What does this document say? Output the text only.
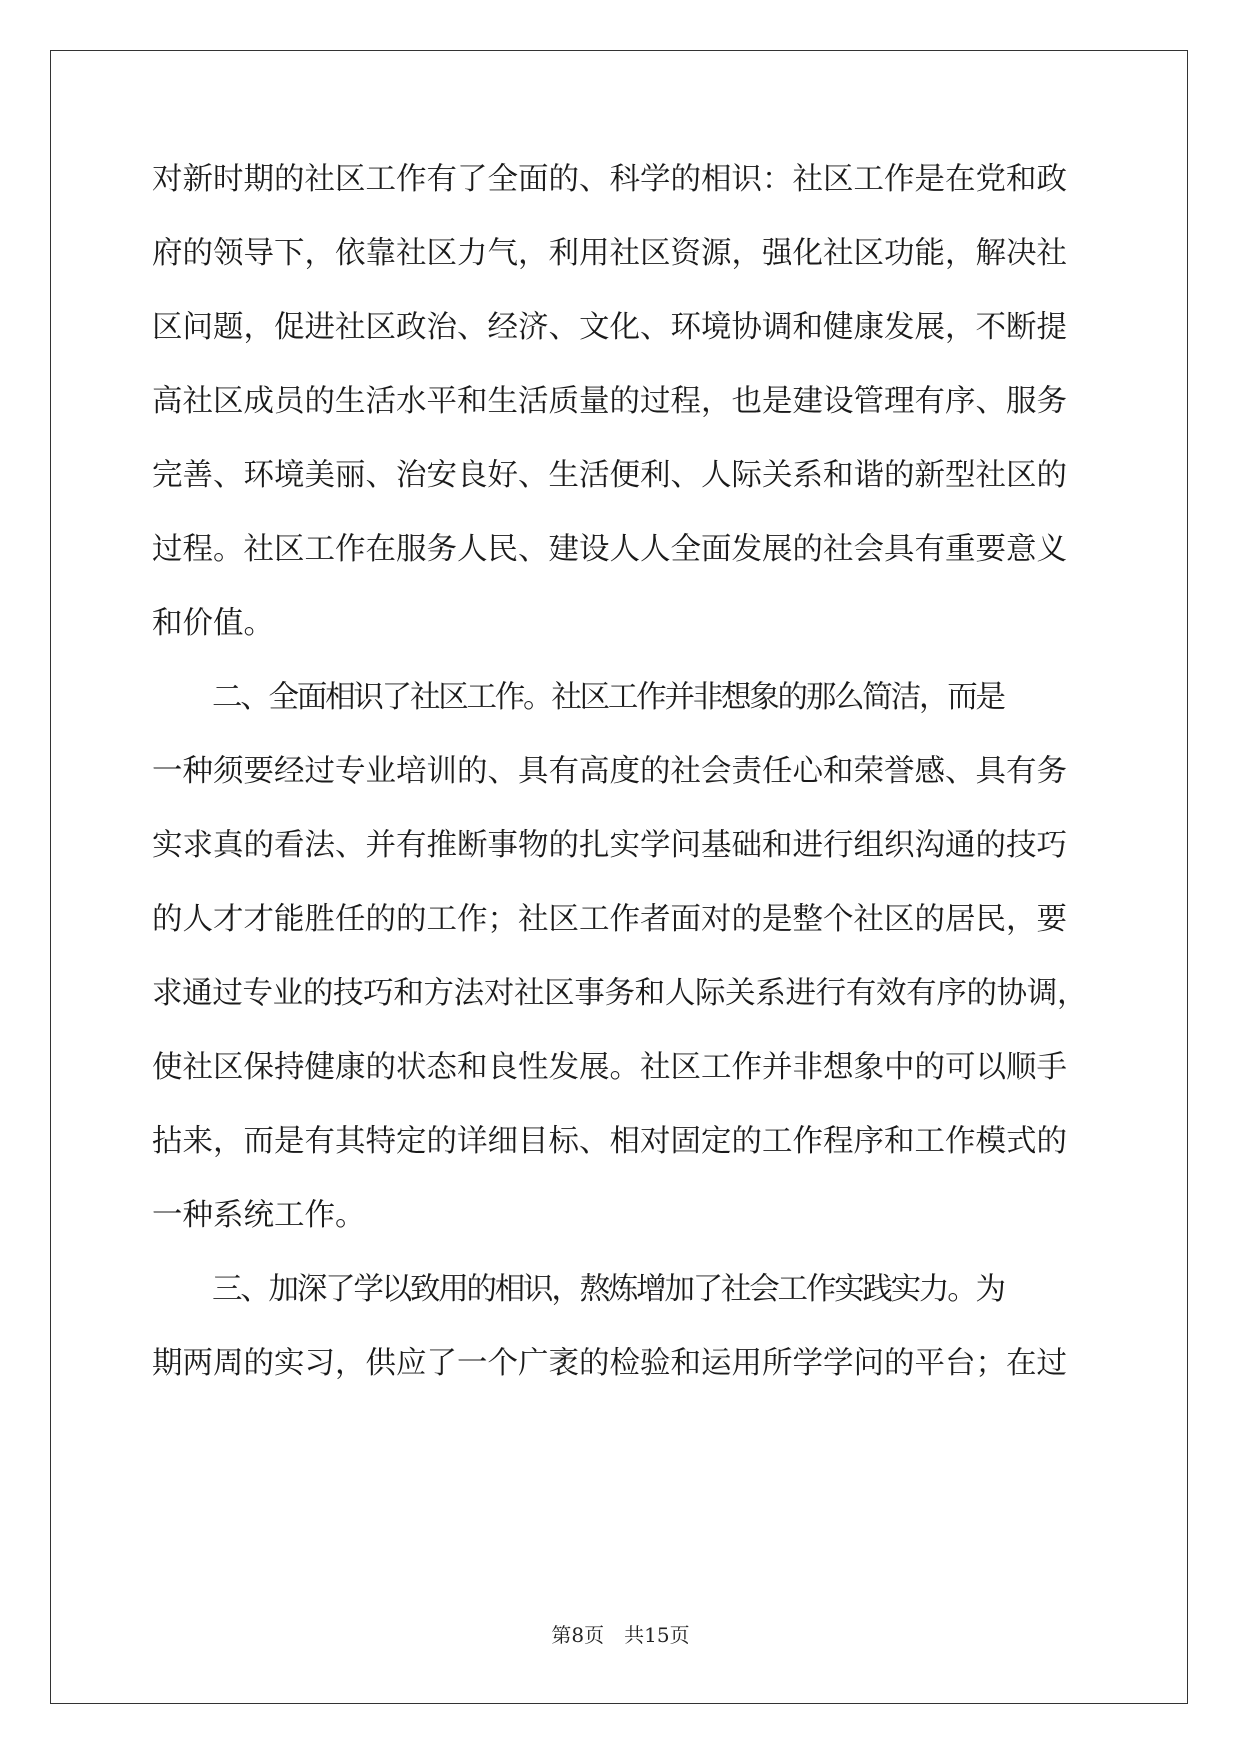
对新时期的社区工作有了全面的、科学的相识：社区工作是在党和政
府的领导下，依靠社区力气，利用社区资源，强化社区功能，解决社
区问题，促进社区政治、经济、文化、环境协调和健康发展，不断提
高社区成员的生活水平和生活质量的过程，也是建设管理有序、服务
完善、环境美丽、治安良好、生活便利、人际关系和谐的新型社区的
过程。社区工作在服务人民、建设人人全面发展的社会具有重要意义
和价值。
二、全面相识了社区工作。社区工作并非想象的那么简洁，而是
一种须要经过专业培训的、具有高度的社会责任心和荣誉感、具有务
实求真的看法、并有推断事物的扎实学问基础和进行组织沟通的技巧
的人才才能胜任的的工作；社区工作者面对的是整个社区的居民，要
求通过专业的技巧和方法对社区事务和人际关系进行有效有序的协调，
使社区保持健康的状态和良性发展。社区工作并非想象中的可以顺手
拈来，而是有其特定的详细目标、相对固定的工作程序和工作模式的
一种系统工作。
三、加深了学以致用的相识，熬炼增加了社会工作实践实力。为
期两周的实习，供应了一个广袤的检验和运用所学学问的平台；在过
第8页 共15页
